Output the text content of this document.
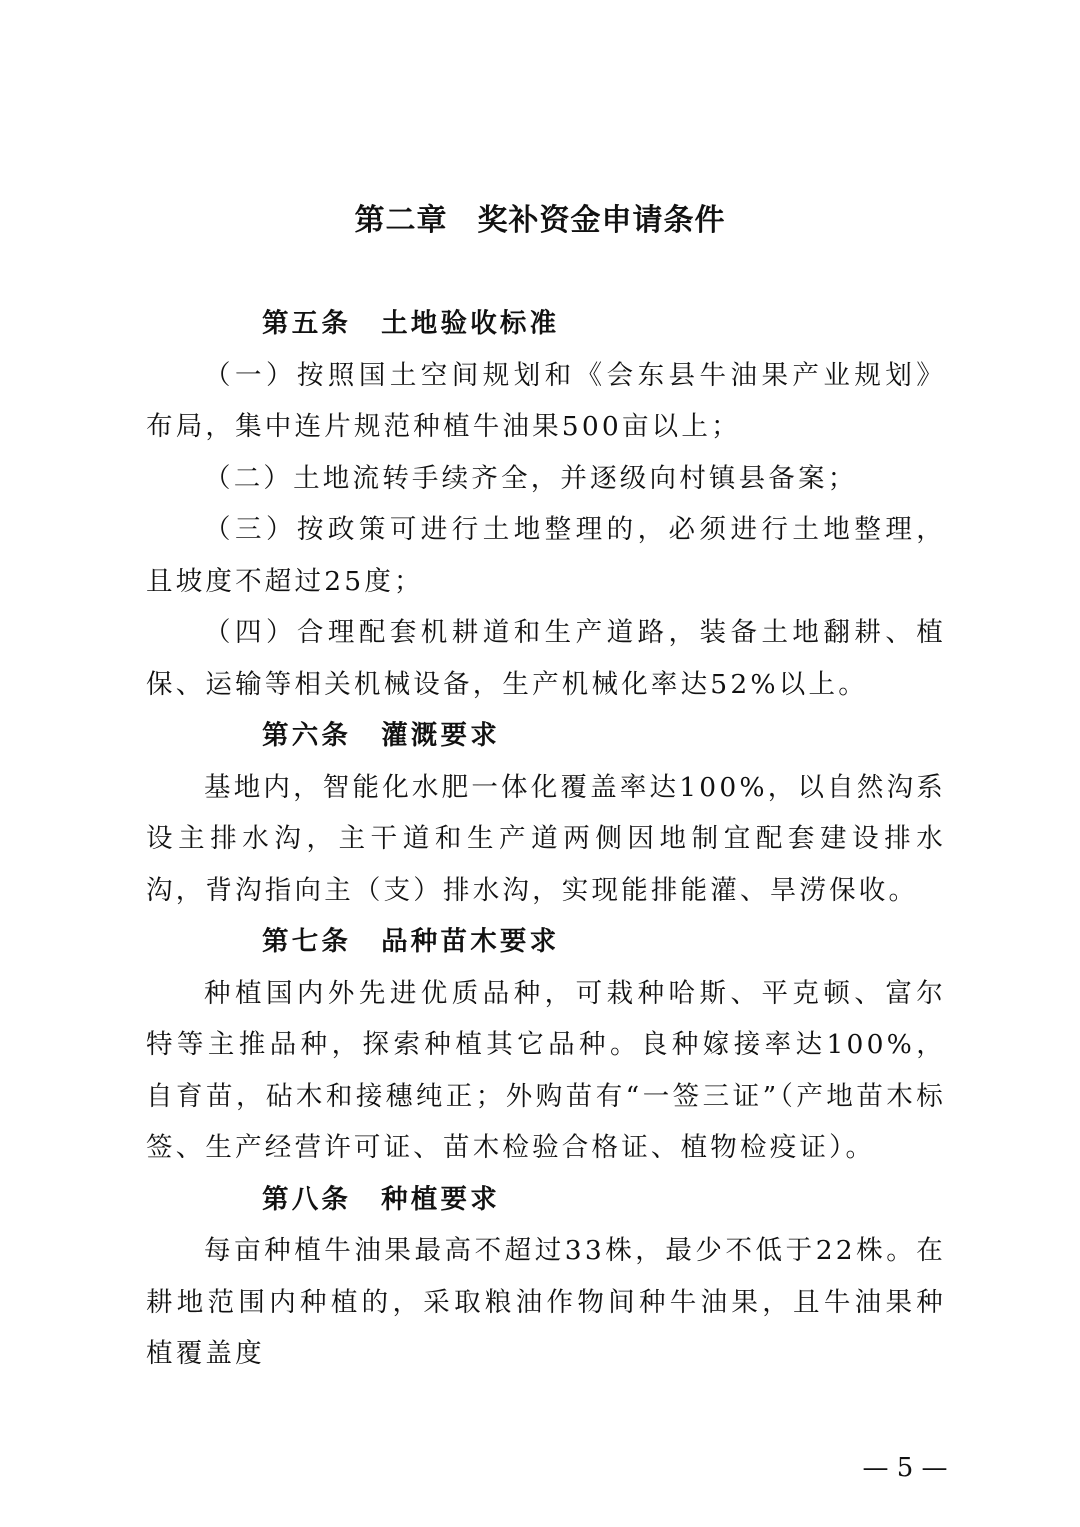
第二章 奖补资金申请条件
第五条 土地验收标准

（一）按照国土空间规划和《会东县牛油果产业规划》布局，集中连片规范种植牛油果500亩以上；

（二）土地流转手续齐全，并逐级向村镇县备案；

（三）按政策可进行土地整理的，必须进行土地整理，且坡度不超过25度；

（四）合理配套机耕道和生产道路，装备土地翻耕、植保、运输等相关机械设备，生产机械化率达52%以上。

第六条 灌溉要求

基地内，智能化水肥一体化覆盖率达100%，以自然沟系设主排水沟，主干道和生产道两侧因地制宜配套建设排水沟，背沟指向主（支）排水沟，实现能排能灌、旱涝保收。

第七条 品种苗木要求

种植国内外先进优质品种，可栽种哈斯、平克顿、富尔特等主推品种，探索种植其它品种。良种嫁接率达100%，自育苗，砧木和接穗纯正；外购苗有“一签三证”（产地苗木标签、生产经营许可证、苗木检验合格证、植物检疫证）。

第八条 种植要求

每亩种植牛油果最高不超过33株，最少不低于22株。在耕地范围内种植的，采取粮油作物间种牛油果，且牛油果种植覆盖度

— 5 —
